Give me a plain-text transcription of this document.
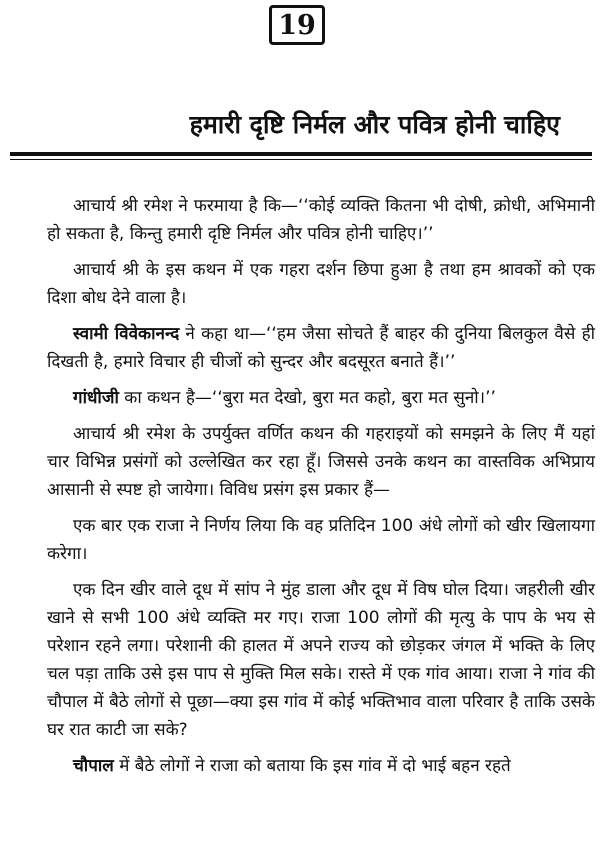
19
हमारी दृष्टि निर्मल और पवित्र होनी चाहिए

आचार्य श्री रमेश ने फरमाया है कि—‘‘कोई व्यक्ति कितना भी दोषी, क्रोधी, अभिमानी हो सकता है, किन्तु हमारी दृष्टि निर्मल और पवित्र होनी चाहिए।’’

आचार्य श्री के इस कथन में एक गहरा दर्शन छिपा हुआ है तथा हम श्रावकों को एक दिशा बोध देने वाला है।

स्वामी विवेकानन्द ने कहा था—‘‘हम जैसा सोचते हैं बाहर की दुनिया बिलकुल वैसे ही दिखती है, हमारे विचार ही चीजों को सुन्दर और बदसूरत बनाते हैं।’’

गांधीजी का कथन है—‘‘बुरा मत देखो, बुरा मत कहो, बुरा मत सुनो।’’

आचार्य श्री रमेश के उपर्युक्त वर्णित कथन की गहराइयों को समझने के लिए मैं यहां चार विभिन्न प्रसंगों को उल्लेखित कर रहा हूँ। जिससे उनके कथन का वास्तविक अभिप्राय आसानी से स्पष्ट हो जायेगा। विविध प्रसंग इस प्रकार हैं—

एक बार एक राजा ने निर्णय लिया कि वह प्रतिदिन 100 अंधे लोगों को खीर खिलायगा करेगा।

एक दिन खीर वाले दूध में सांप ने मुंह डाला और दूध में विष घोल दिया। जहरीली खीर खाने से सभी 100 अंधे व्यक्ति मर गए। राजा 100 लोगों की मृत्यु के पाप के भय से परेशान रहने लगा। परेशानी की हालत में अपने राज्य को छोड़कर जंगल में भक्ति के लिए चल पड़ा ताकि उसे इस पाप से मुक्ति मिल सके। रास्ते में एक गांव आया। राजा ने गांव की चौपाल में बैठे लोगों से पूछा—क्या इस गांव में कोई भक्तिभाव वाला परिवार है ताकि उसके घर रात काटी जा सके?

चौपाल में बैठे लोगों ने राजा को बताया कि इस गांव में दो भाई बहन रहते
